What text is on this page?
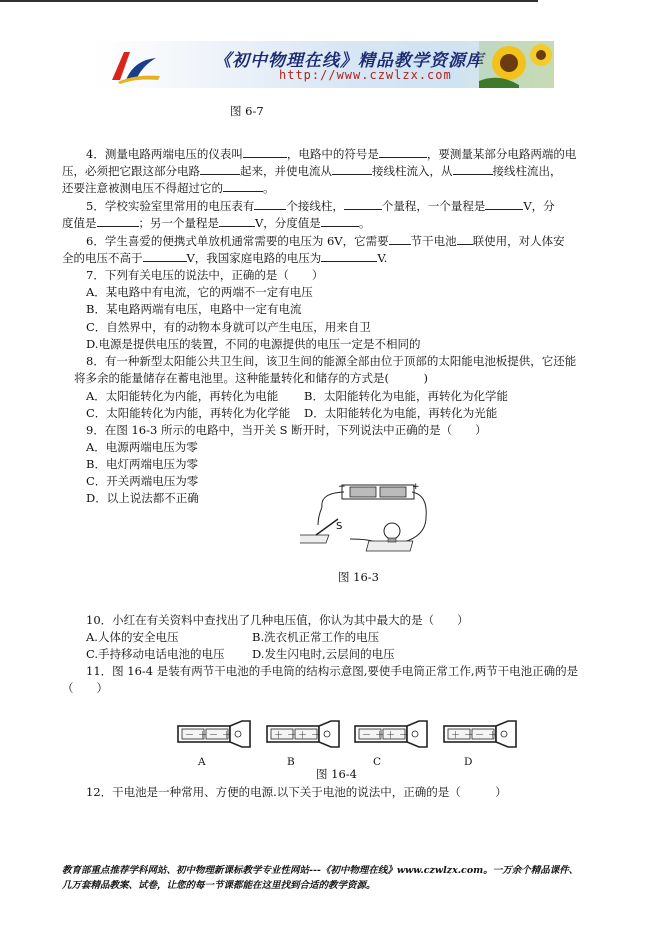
《初中物理在线》精品教学资源库
http://www.czwlzx.com
图 6-7
4．测量电路两端电压的仪表叫	，电路中的符号是	，要测量某部分电路两端的电
压，必须把它跟这部分电路	起来，并使电流从	接线柱流入，从	接线柱流出，
还要注意被测电压不得超过它的	。
5．学校实验室里常用的电压表有	个接线柱，	个量程，一个量程是	V，分
度值是	；另一个量程是	V，分度值是	。
6．学生喜爱的便携式单放机通常需要的电压为 6V，它需要 节干电池 联使用，对人体安
全的电压不高于	V，我国家庭电路的电压为	V.
7．下列有关电压的说法中，正确的是（　　）
A．某电路中有电流，它的两端不一定有电压
B．某电路两端有电压，电路中一定有电流
C．自然界中，有的动物本身就可以产生电压，用来自卫
D.电源是提供电压的装置，不同的电源提供的电压一定是不相同的
8．有一种新型太阳能公共卫生间，该卫生间的能源全部由位于顶部的太阳能电池板提供，它还能
将多余的能量储存在蓄电池里。这种能量转化和储存的方式是(　　　)
A．太阳能转化为内能，再转化为电能 B．太阳能转化为电能，再转化为化学能
C．太阳能转化为内能，再转化为化学能 D．太阳能转化为电能，再转化为光能
9．在图 16-3 所示的电路中，当开关 S 断开时，下列说法中正确的是（　　）
A．电源两端电压为零
B．电灯两端电压为零
C．开关两端电压为零
D．以上说法都不正确
−	+
S
图 16-3
10．小红在有关资料中查找出了几种电压值，你认为其中最大的是（　　）
A.人体的安全电压	B.洗衣机正常工作的电压
C.手持移动电话电池的电压 D.发生闪电时,云层间的电压
11．图 16-4 是装有两节干电池的手电筒的结构示意图,要使手电筒正常工作,两节干电池正确的是
（　　）
－ ＋ － ＋
A
＋ － ＋ －
B
－ ＋ ＋ －
C
＋ － － ＋
D
图 16-4
12．干电池是一种常用、方便的电源.以下关于电池的说法中，正确的是（　　　）
教育部重点推荐学科网站、初中物理新课标教学专业性网站---《初中物理在线》www.czwlzx.com。一万余个精品课件、
几万套精品教案、试卷，让您的每一节课都能在这里找到合适的教学资源。
